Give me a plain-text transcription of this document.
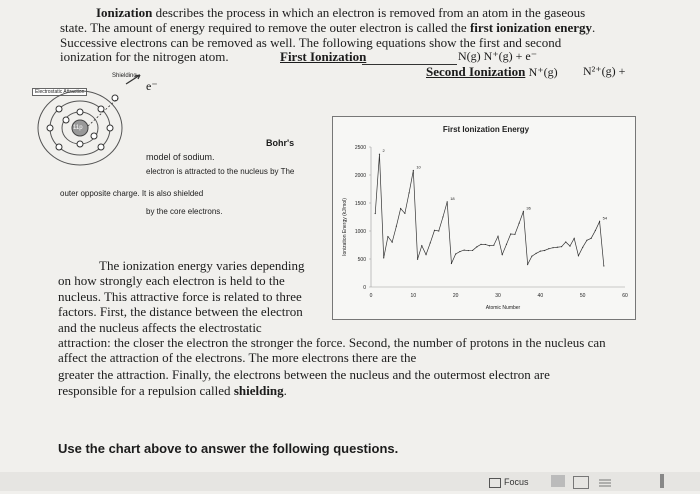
Ionization describes the process in which an electron is removed from an atom in the gaseous
state. The amount of energy required to remove the outer electron is called the first ionization energy.
Successive electrons can be removed as well. The following equations show the first and second
ionization for the nitrogen atom.	First Ionization	N(g) N⁺(g) + e⁻
Second Ionization N⁺(g) N²⁺(g) +
Shielding
e⁻
Electrostatic Attraction
11p
Bohr's
model of sodium.
electron is attracted to the nucleus by The
outer opposite charge. It is also shielded
by the core electrons.
First Ionization Energy
Atomic Number
Ionization Energy (kJ/mol)
0
500
1000
1500
2000
2500
0	10	20	30	40	50	60
2
10
18
36
54
The ionization energy varies depending
on how strongly each electron is held to the
nucleus. This attractive force is related to three
factors. First, the distance between the electron
and the nucleus affects the electrostatic
attraction: the closer the electron the stronger the force. Second, the number of protons in the nucleus can
affect the attraction of the electrons. The more electrons there are the
greater the attraction. Finally, the electrons between the nucleus and the outermost electron are
responsible for a repulsion called shielding.
Use the chart above to answer the following questions.
Focus
